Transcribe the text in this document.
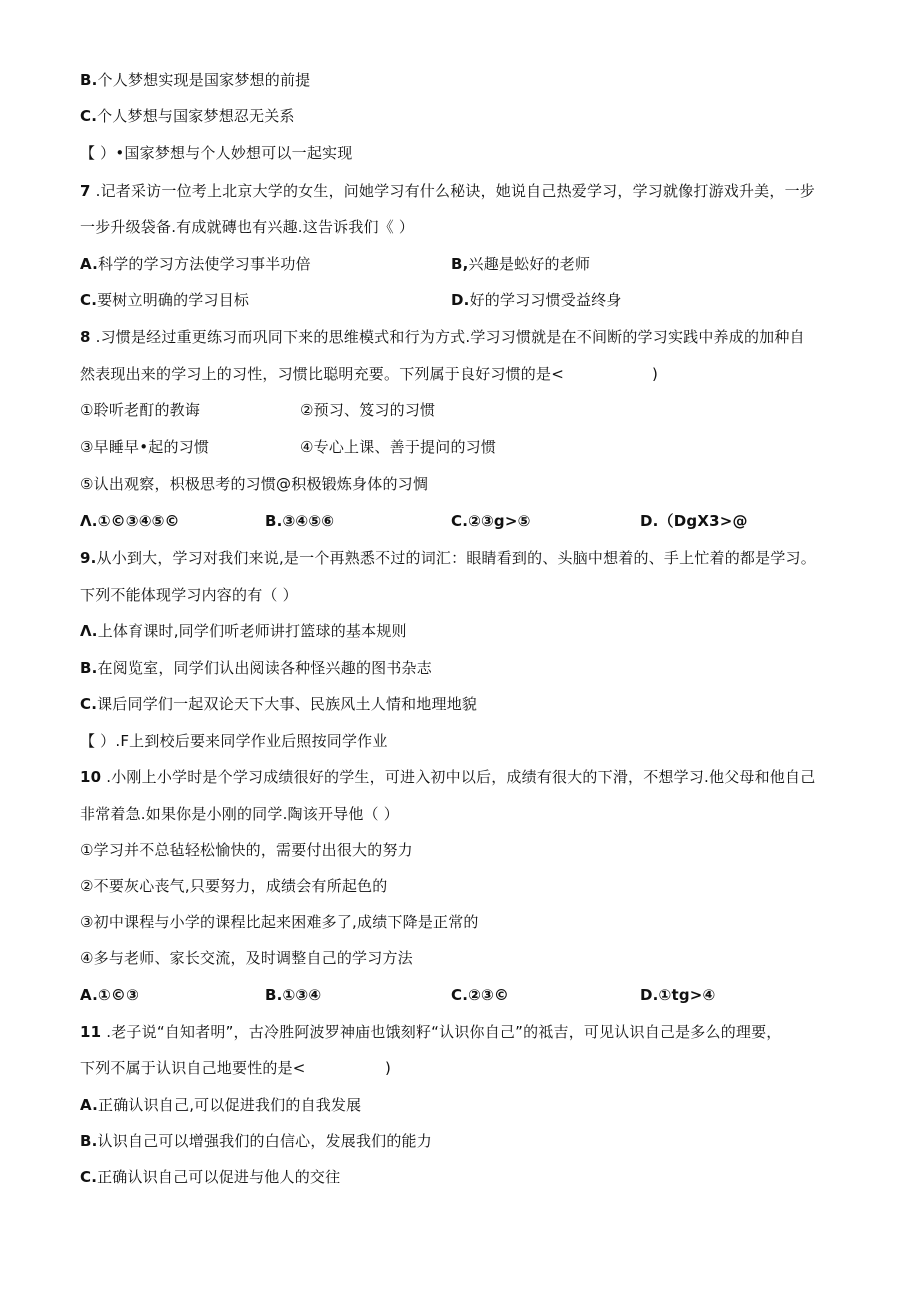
B.个人梦想实现是国家梦想的前提
C.个人梦想与国家梦想忍无关系
【 ）•国家梦想与个人妙想可以一起实现
7 .记者采访一位考上北京大学的女生，问她学习有什么秘诀，她说自己热爱学习，学习就像打游戏升美，一步
一步升级袋备.有成就磚也有兴趣.这告诉我们《 ）
A.科学的学习方法使学习事半功倍	B,兴趣是蚣好的老师
C.要树立明确的学习目标	D.好的学习习惯受益终身
8 .习惯是经过重更练习而巩同下来的思维模式和行为方式.学习习惯就是在不间断的学习实践中养成的加种自
然表现出来的学习上的习性，习惯比聪明充要。下列属于良好习惯的是<	)
①聆听老酊的教诲	②预习、笈习的习惯
③早睡早•起的习惯	④专心上课、善于提问的习惯
⑤认出观察，枳极思考的习惯@积极锻炼身体的习惆
Λ.①©③④⑤©	B.③④⑤⑥	C.②③g>⑤	D.（DgX3>@
9.从小到大，学习对我们来说,是一个再熟悉不过的词汇：眼睛看到的、头脑中想着的、手上忙着的都是学习。
下列不能体现学习内容的有（ ）
Λ.上体育课时,同学们听老师讲打篮球的基本规则
B.在阅览室，同学们认出阅读各种怪兴趣的图书杂志
C.课后同学们一起双论天下大事、民族风土人情和地理地貌
【 ）.F上到校后要来同学作业后照按同学作业
10 .小刚上小学时是个学习成绩很好的学生，可进入初中以后，成绩有很大的下滑，不想学习.他父母和他自己
非常着急.如果你是小刚的同学.陶该开导他（ ）
①学习并不总毡轻松愉快的，需要付出很大的努力
②不要灰心丧气,只要努力，成绩会有所起色的
③初中课程与小学的课程比起来困难多了,成绩下降是正常的
④多与老师、家长交流，及时调整自己的学习方法
A.①©③	B.①③④	C.②③©	D.①tg>④
11 .老子说“自知者明”，古冷胜阿波罗神庙也饿刻籽“认识你自己”的祗吉，可见认识自己是多么的理要，
下列不属于认识自己地要性的是<	)
A.正确认识自己,可以促进我们的自我发展
B.认识自己可以增强我们的白信心，发展我们的能力
C.正确认识自己可以促进与他人的交往
